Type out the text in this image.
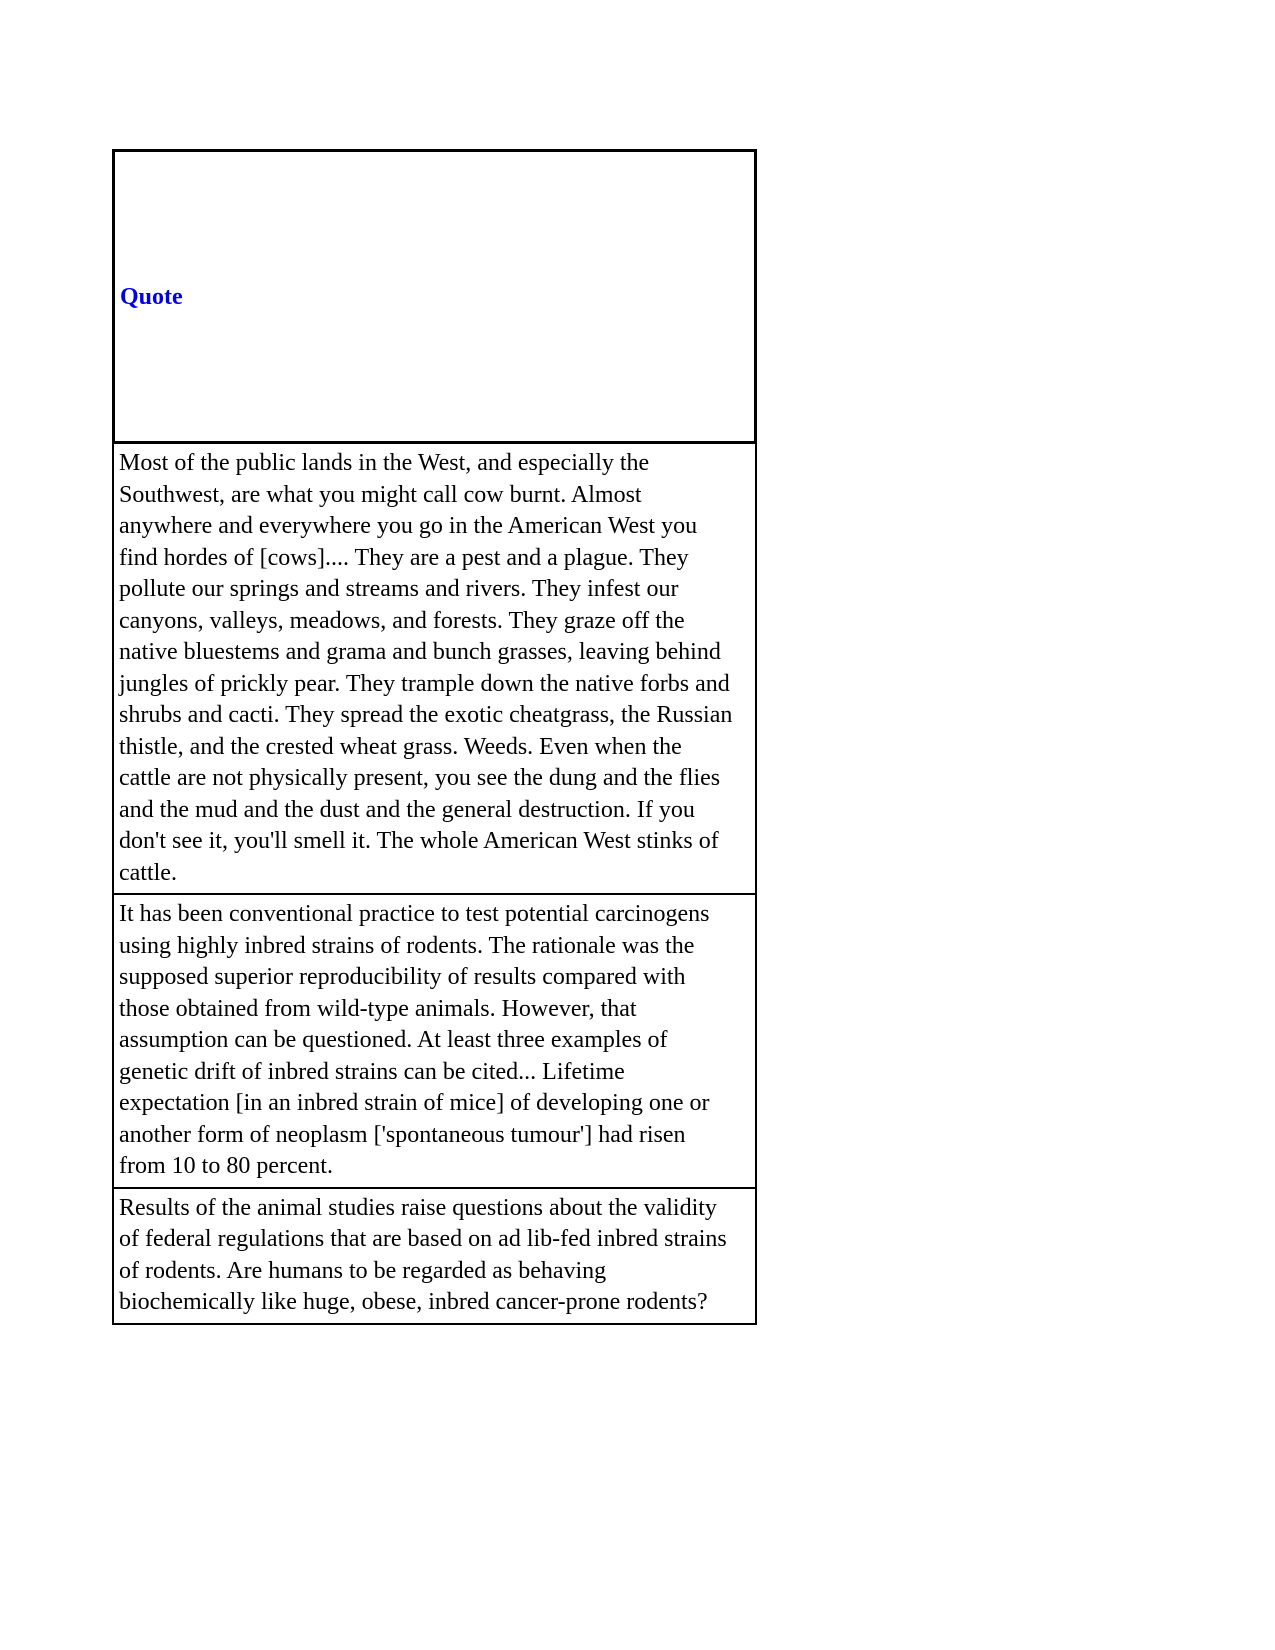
Quote
Most of the public lands in the West, and especially the
Southwest, are what you might call cow burnt. Almost
anywhere and everywhere you go in the American West you
find hordes of [cows].... They are a pest and a plague. They
pollute our springs and streams and rivers. They infest our
canyons, valleys, meadows, and forests. They graze off the
native bluestems and grama and bunch grasses, leaving behind
jungles of prickly pear. They trample down the native forbs and
shrubs and cacti. They spread the exotic cheatgrass, the Russian
thistle, and the crested wheat grass. Weeds. Even when the
cattle are not physically present, you see the dung and the flies
and the mud and the dust and the general destruction. If you
don't see it, you'll smell it. The whole American West stinks of
cattle.
It has been conventional practice to test potential carcinogens
using highly inbred strains of rodents. The rationale was the
supposed superior reproducibility of results compared with
those obtained from wild-type animals. However, that
assumption can be questioned. At least three examples of
genetic drift of inbred strains can be cited... Lifetime
expectation [in an inbred strain of mice] of developing one or
another form of neoplasm ['spontaneous tumour'] had risen
from 10 to 80 percent.
Results of the animal studies raise questions about the validity
of federal regulations that are based on ad lib-fed inbred strains
of rodents. Are humans to be regarded as behaving
biochemically like huge, obese, inbred cancer-prone rodents?
